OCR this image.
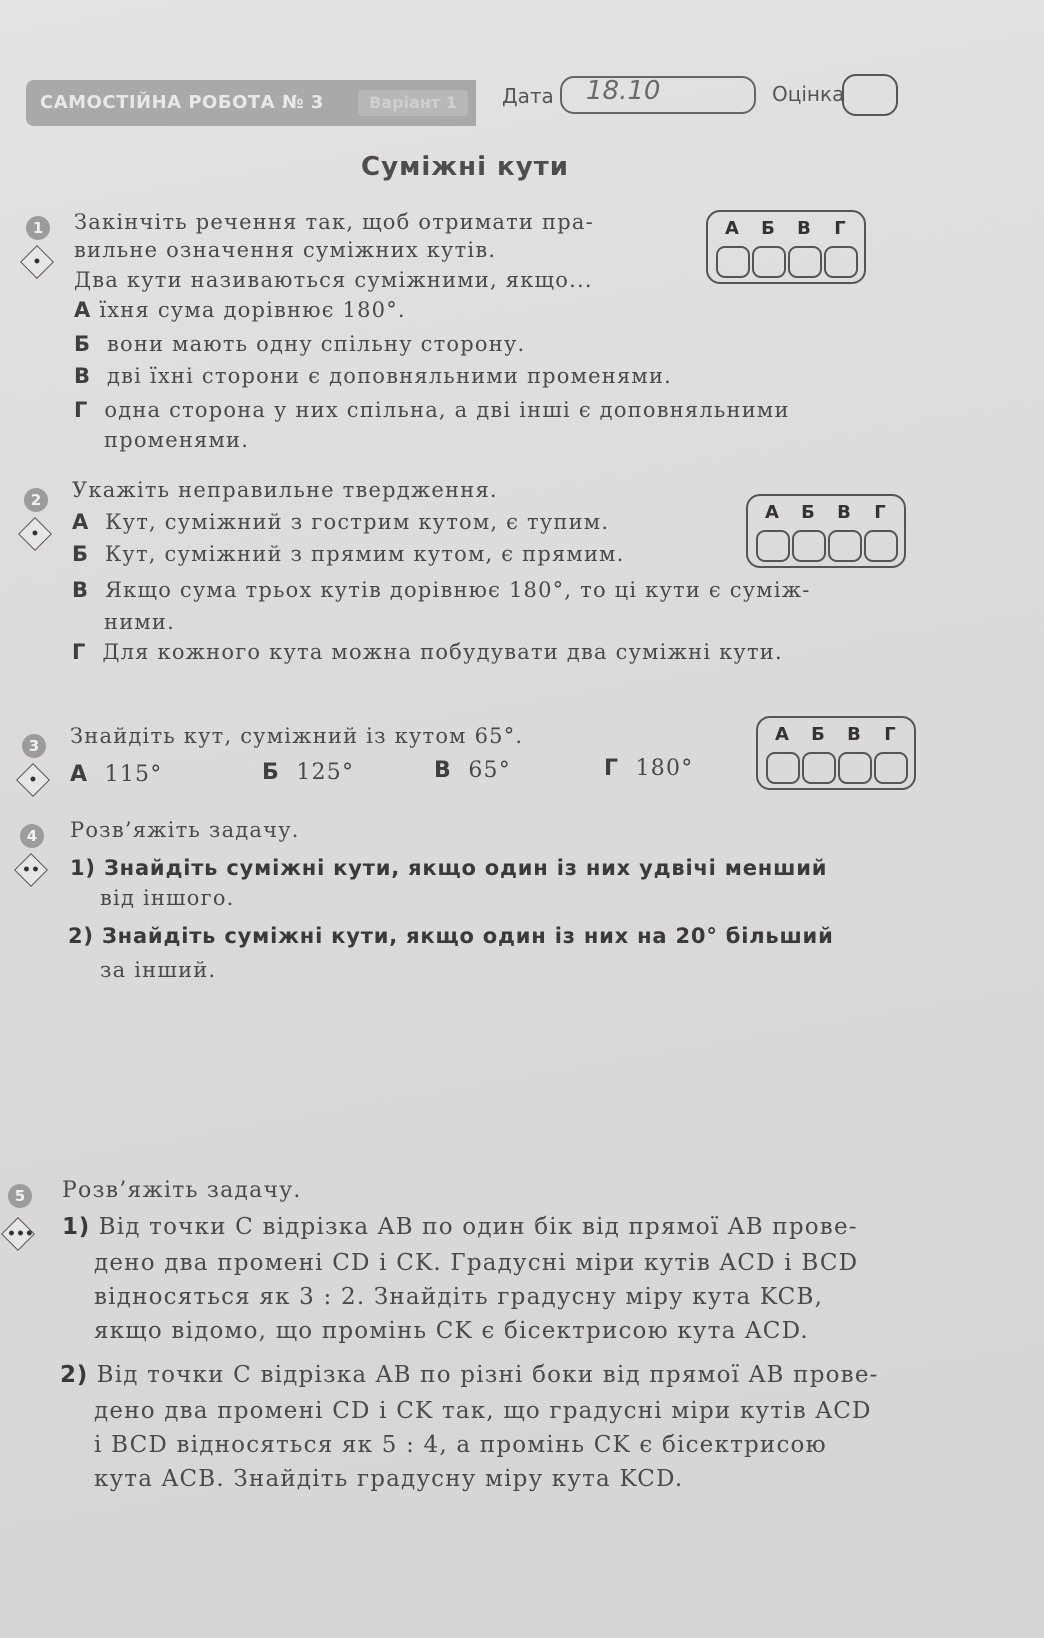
САМОСТІЙНА РОБОТА № 3	Варіант 1	Дата 18.10	Оцінка
Суміжні кути
1
•
Закінчіть речення так, щоб отримати пра-
вильне означення суміжних кутів.
Два кути називаються суміжними, якщо...
А їхня сума дорівнює 180°.
Б вони мають одну спільну сторону.
В дві їхні сторони є доповняльними променями.
Г одна сторона у них спільна, а дві інші є доповняльними
променями.
А Б В	Г
2
•
Укажіть неправильне твердження.
А Кут, суміжний з гострим кутом, є тупим.
Б Кут, суміжний з прямим кутом, є прямим.
В Якщо сума трьох кутів дорівнює 180°, то ці кути є суміж-
ними.
Г Для кожного кута можна побудувати два суміжні кути.
А Б В	Г
3
•
Знайдіть кут, суміжний із кутом 65°.
А 115°	Б 125°	В 65°	Г 180°
А Б В	Г
4
••
Розв’яжіть задачу.
1) Знайдіть суміжні кути, якщо один із них удвічі менший
від іншого.
2) Знайдіть суміжні кути, якщо один із них на 20° більший
за інший.
5
•••
Розв’яжіть задачу.
1) Від точки C відрізка AB по один бік від прямої AB прове-
дено два промені CD і CK. Градусні міри кутів ACD і BCD
відносяться як 3 : 2. Знайдіть градусну міру кута KCB,
якщо відомо, що промінь CK є бісектрисою кута ACD.
2) Від точки C відрізка AB по різні боки від прямої AB прове-
дено два промені CD і CK так, що градусні міри кутів ACD
і BCD відносяться як 5 : 4, а промінь CK є бісектрисою
кута ACB. Знайдіть градусну міру кута KCD.
